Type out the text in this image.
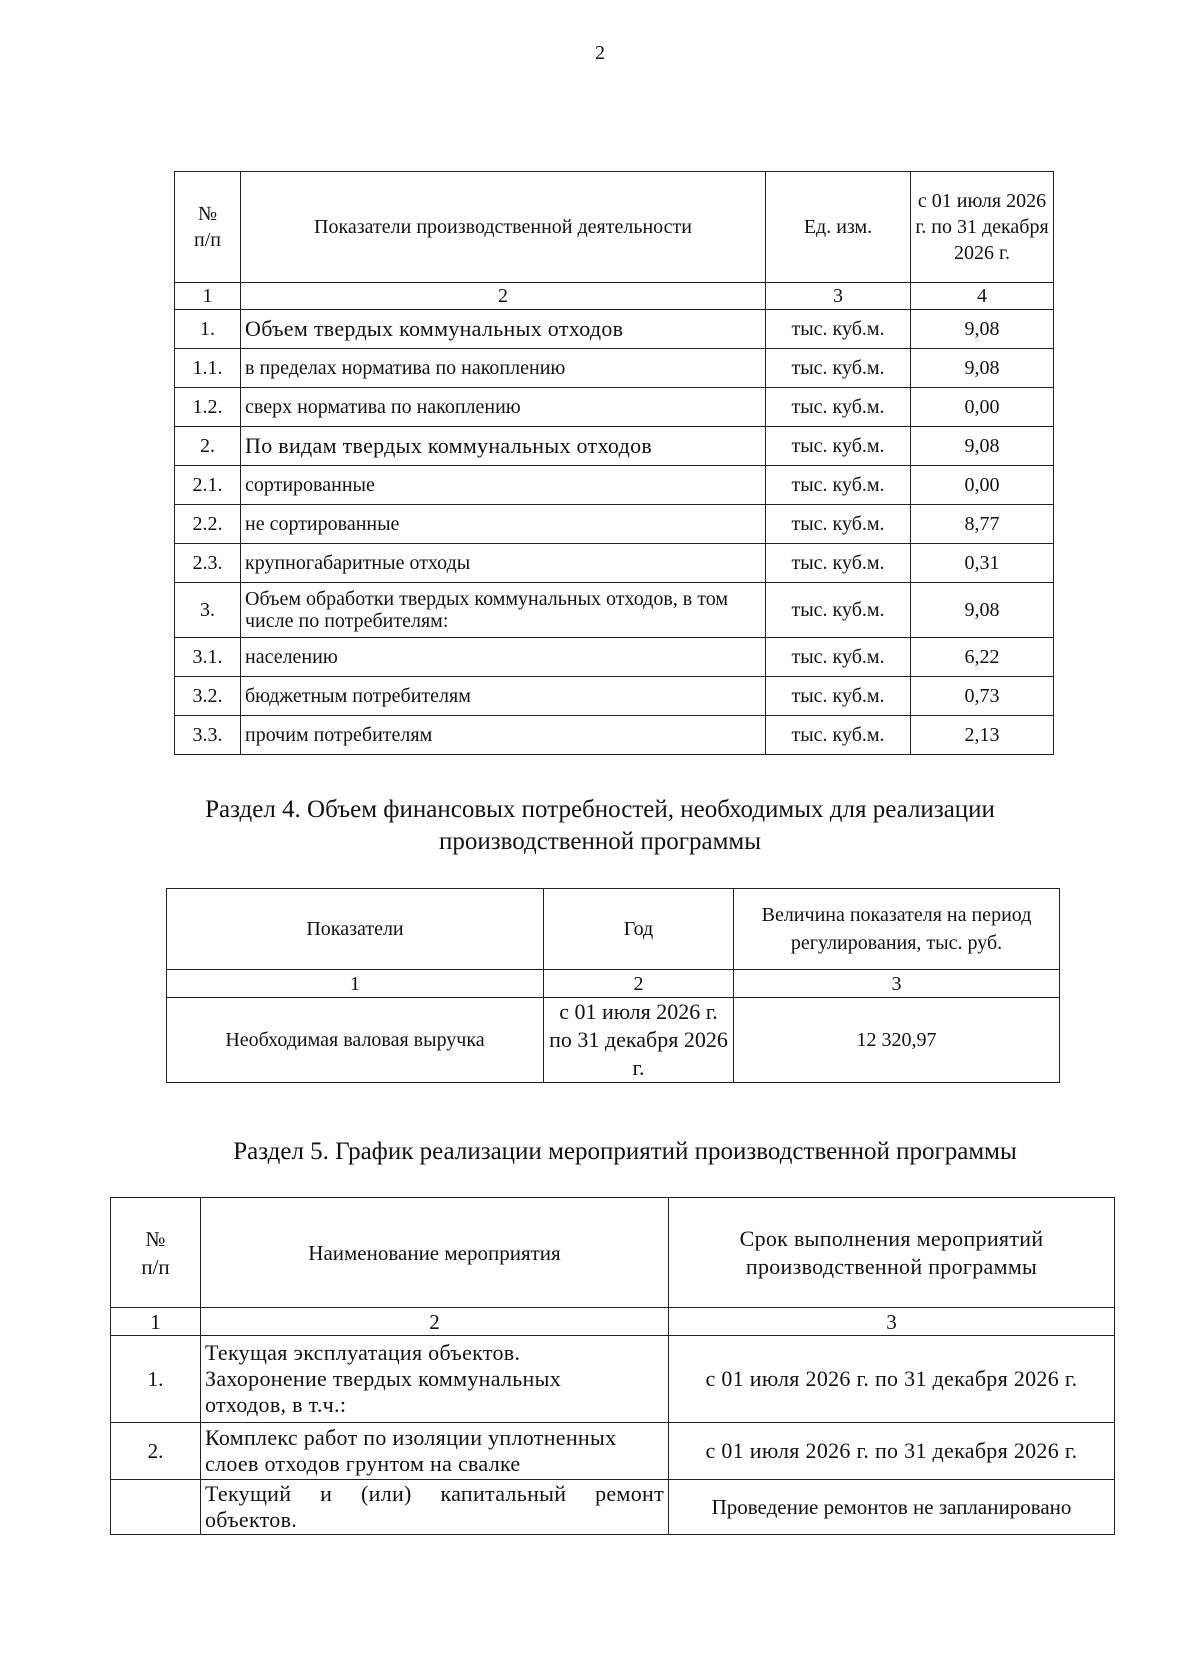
2
№ п/п	Показатели производственной деятельности	Ед. изм.	с 01 июля 2026 г. по 31 декабря 2026 г.
1	2	3	4
1.	Объем твердых коммунальных отходов	тыс. куб.м.	9,08
1.1.	в пределах норматива по накоплению	тыс. куб.м.	9,08
1.2.	сверх норматива по накоплению	тыс. куб.м.	0,00
2.	По видам твердых коммунальных отходов	тыс. куб.м.	9,08
2.1.	сортированные	тыс. куб.м.	0,00
2.2.	не сортированные	тыс. куб.м.	8,77
2.3.	крупногабаритные отходы	тыс. куб.м.	0,31
3.	Объем обработки твердых коммунальных отходов, в том числе по потребителям:	тыс. куб.м.	9,08
3.1.	населению	тыс. куб.м.	6,22
3.2.	бюджетным потребителям	тыс. куб.м.	0,73
3.3.	прочим потребителям	тыс. куб.м.	2,13
Раздел 4. Объем финансовых потребностей, необходимых для реализации
производственной программы
Показатели	Год	Величина показателя на период регулирования, тыс. руб.
1	2	3
Необходимая валовая выручка	с 01 июля 2026 г. по 31 декабря 2026 г.	12 320,97
Раздел 5. График реализации мероприятий производственной программы
№ п/п	Наименование мероприятия	Срок выполнения мероприятий производственной программы
1	2	3
1.	Текущая эксплуатация объектов. Захоронение твердых коммунальных отходов, в т.ч.:	с 01 июля 2026 г. по 31 декабря 2026 г.
2.	Комплекс работ по изоляции уплотненных слоев отходов грунтом на свалке	с 01 июля 2026 г. по 31 декабря 2026 г.
	Текущий и (или) капитальный ремонт объектов.	Проведение ремонтов не запланировано
